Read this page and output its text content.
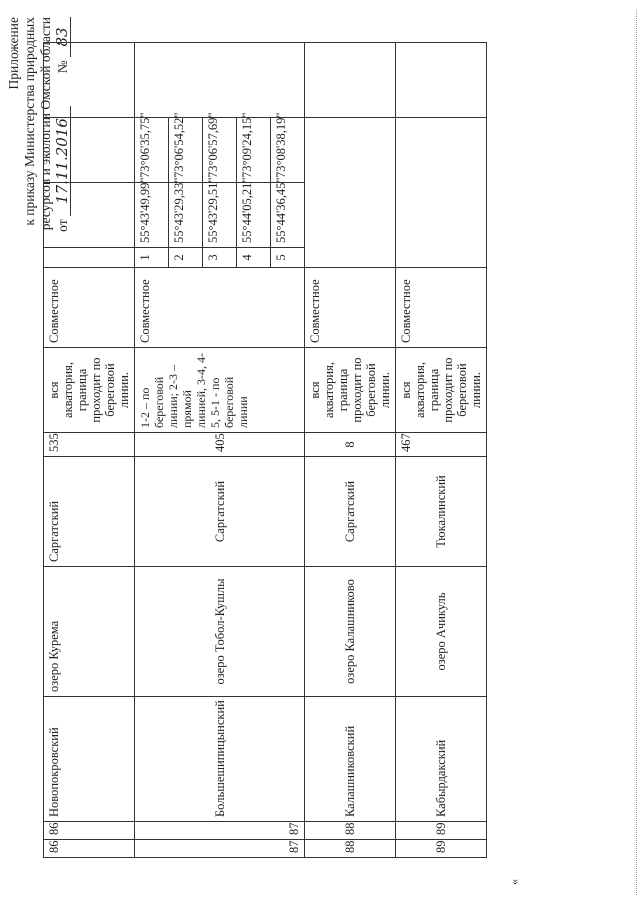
Приложение к приказу Министерства природных ресурсов и экологии Омской области от 17.11.2016  № 83
«
86	86	Новопокровский	озеро Курема	Саргатский	535	вся акватория, граница проходит по береговой линии.	Совместное				
87	87	Большешипицынский	озеро Тобол-Кушлы	Саргатский	405	1-2 – по береговой линии; 2-3 – прямой линией, 3-4, 4-5, 5-1 - по береговой линии	Совместное	1	55°43'49,99"	73°06'35,75"	
								2	55°43'29,33"	73°06'54,52"	
								3	55°43'29,51"	73°06'57,69"	
								4	55°44'05,21"	73°09'24,15"	
								5	55°44'36,45"	73°08'38,19"	
88	88	Калашниковский	озеро Калашниково	Саргатский	8	вся акватория, граница проходит по береговой линии.	Совместное				
89	89	Кабырдакский	озеро Ачикуль	Тюкалинский	467	вся акватория, граница проходит по береговой линии.	Совместное				
